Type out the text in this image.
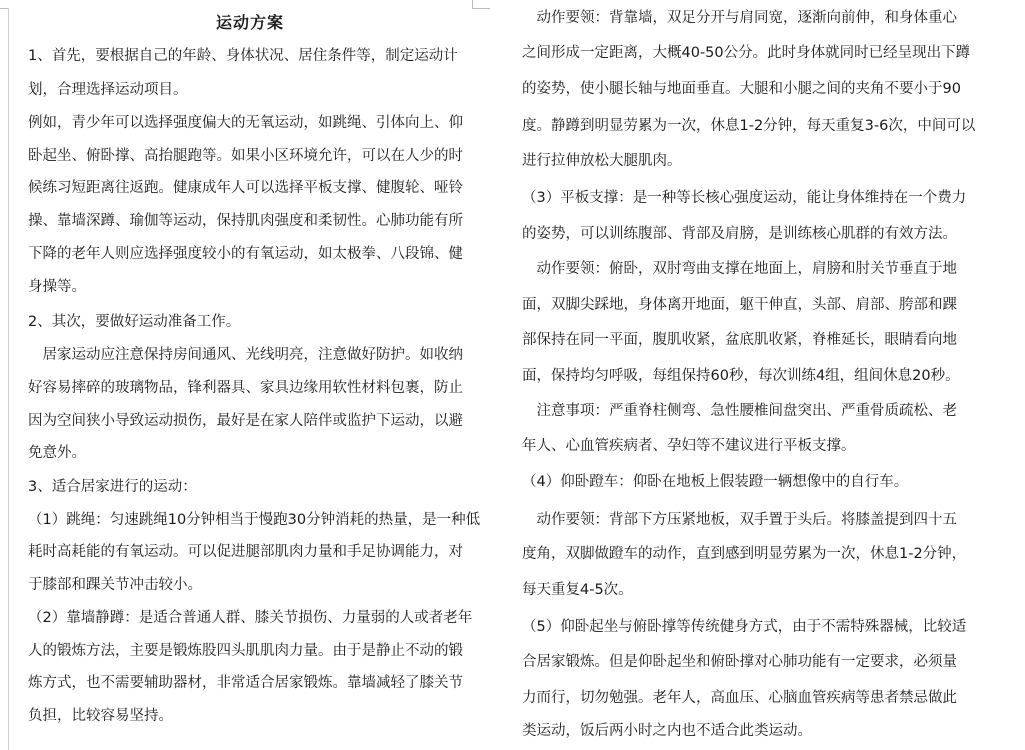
运动方案

1、首先，要根据自己的年龄、身体状况、居住条件等，制定运动计

划，合理选择运动项目。

例如，青少年可以选择强度偏大的无氧运动，如跳绳、引体向上、仰

卧起坐、俯卧撑、高抬腿跑等。如果小区环境允许，可以在人少的时

候练习短距离往返跑。健康成年人可以选择平板支撑、健腹轮、哑铃

操、靠墙深蹲、瑜伽等运动，保持肌肉强度和柔韧性。心肺功能有所

下降的老年人则应选择强度较小的有氧运动，如太极拳、八段锦、健

身操等。

2、其次，要做好运动准备工作。

居家运动应注意保持房间通风、光线明亮，注意做好防护。如收纳

好容易摔碎的玻璃物品，锋利器具、家具边缘用软性材料包裹，防止

因为空间狭小导致运动损伤，最好是在家人陪伴或监护下运动，以避

免意外。

3、适合居家进行的运动：

（1）跳绳：匀速跳绳10分钟相当于慢跑30分钟消耗的热量，是一种低

耗时高耗能的有氧运动。可以促进腿部肌肉力量和手足协调能力，对

于膝部和踝关节冲击较小。

（2）靠墙静蹲：是适合普通人群、膝关节损伤、力量弱的人或者老年

人的锻炼方法，主要是锻炼股四头肌肌肉力量。由于是静止不动的锻

炼方式，也不需要辅助器材，非常适合居家锻炼。靠墙减轻了膝关节

负担，比较容易坚持。

动作要领：背靠墙，双足分开与肩同宽，逐渐向前伸，和身体重心

之间形成一定距离，大概40-50公分。此时身体就同时已经呈现出下蹲

的姿势，使小腿长轴与地面垂直。大腿和小腿之间的夹角不要小于90

度。静蹲到明显劳累为一次，休息1-2分钟，每天重复3-6次，中间可以

进行拉伸放松大腿肌肉。

（3）平板支撑：是一种等长核心强度运动，能让身体维持在一个费力

的姿势，可以训练腹部、背部及肩膀，是训练核心肌群的有效方法。

动作要领：俯卧，双肘弯曲支撑在地面上，肩膀和肘关节垂直于地

面，双脚尖踩地，身体离开地面，躯干伸直，头部、肩部、胯部和踝

部保持在同一平面，腹肌收紧，盆底肌收紧，脊椎延长，眼睛看向地

面，保持均匀呼吸，每组保持60秒，每次训练4组，组间休息20秒。

注意事项：严重脊柱侧弯、急性腰椎间盘突出、严重骨质疏松、老

年人、心血管疾病者、孕妇等不建议进行平板支撑。

（4）仰卧蹬车：仰卧在地板上假装蹬一辆想像中的自行车。

动作要领：背部下方压紧地板，双手置于头后。将膝盖提到四十五

度角，双脚做蹬车的动作，直到感到明显劳累为一次，休息1-2分钟，

每天重复4-5次。

（5）仰卧起坐与俯卧撑等传统健身方式，由于不需特殊器械，比较适

合居家锻炼。但是仰卧起坐和俯卧撑对心肺功能有一定要求，必须量

力而行，切勿勉强。老年人，高血压、心脑血管疾病等患者禁忌做此

类运动，饭后两小时之内也不适合此类运动。
